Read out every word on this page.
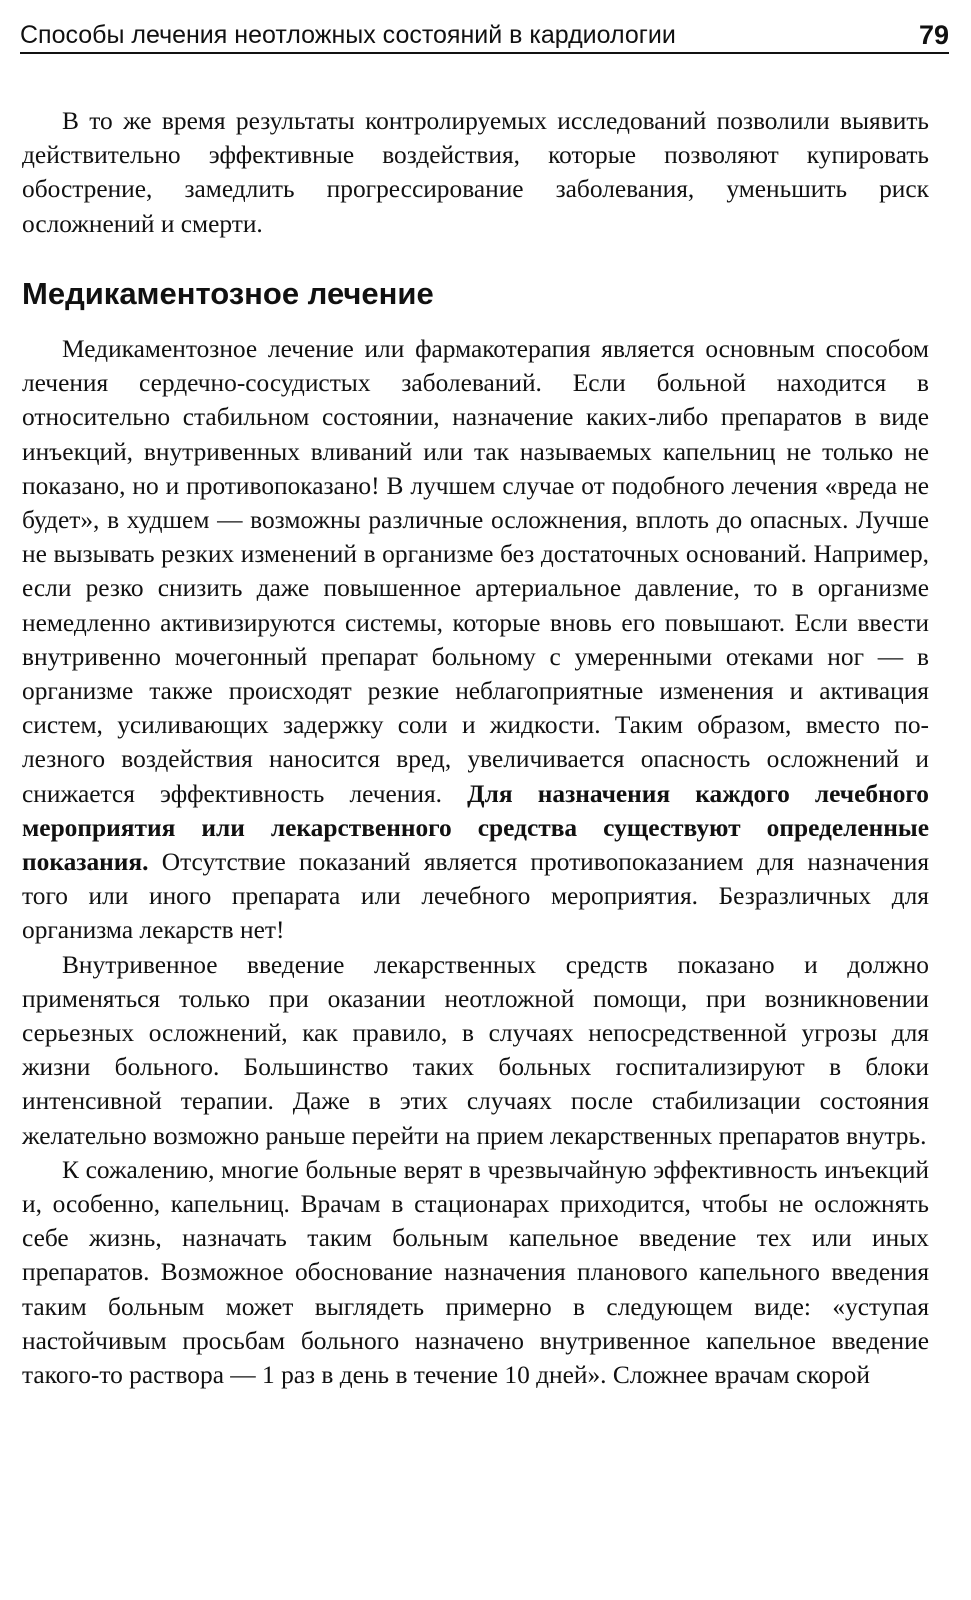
Способы лечения неотложных состояний в кардиологии	79

В то же время результаты контролируемых исследований позволили выявить действительно эффективные воздействия, которые позволяют купировать обострение, замедлить прогрессирование заболевания, уменьшить риск осложнений и смерти.

Медикаментозное лечение

Медикаментозное лечение или фармакотерапия является основным способом лечения сердечно-сосудистых заболеваний. Если больной находится в относительно стабильном состоянии, назначение каких-либо препаратов в виде инъекций, внутривенных вливаний или так называемых капельниц не только не показано, но и противопоказано! В лучшем случае от подобного лечения «вреда не будет», в худшем — возможны различные осложнения, вплоть до опасных. Лучше не вызывать резких изменений в организме без достаточных оснований. Например, если резко снизить даже повышенное артериальное давление, то в организме немедленно активизируются системы, которые вновь его повышают. Если ввести внутривенно мочегонный препарат больному с умеренными отеками ног — в организме также происходят резкие неблагоприятные изменения и активация систем, усиливающих задержку соли и жидкости. Таким образом, вместо полезного воздействия наносится вред, увеличивается опасность осложнений и снижается эффективность лечения. Для назначения каждого лечебного мероприятия или лекарственного средства существуют определенные показания. Отсутствие показаний является противопоказанием для назначения того или иного препарата или лечебного мероприятия. Безразличных для организма лекарств нет!

Внутривенное введение лекарственных средств показано и должно применяться только при оказании неотложной помощи, при возникновении серьезных осложнений, как правило, в случаях непосредственной угрозы для жизни больного. Большинство таких больных госпитализируют в блоки интенсивной терапии. Даже в этих случаях после стабилизации состояния желательно возможно раньше перейти на прием лекарственных препаратов внутрь.

К сожалению, многие больные верят в чрезвычайную эффективность инъекций и, особенно, капельниц. Врачам в стационарах приходится, чтобы не осложнять себе жизнь, назначать таким больным капельное введение тех или иных препаратов. Возможное обоснование назначения планового капельного введения таким больным может выглядеть примерно в следующем виде: «уступая настойчивым просьбам больного назначено внутривенное капельное введение такого-то раствора — 1 раз в день в течение 10 дней». Сложнее врачам скорой
